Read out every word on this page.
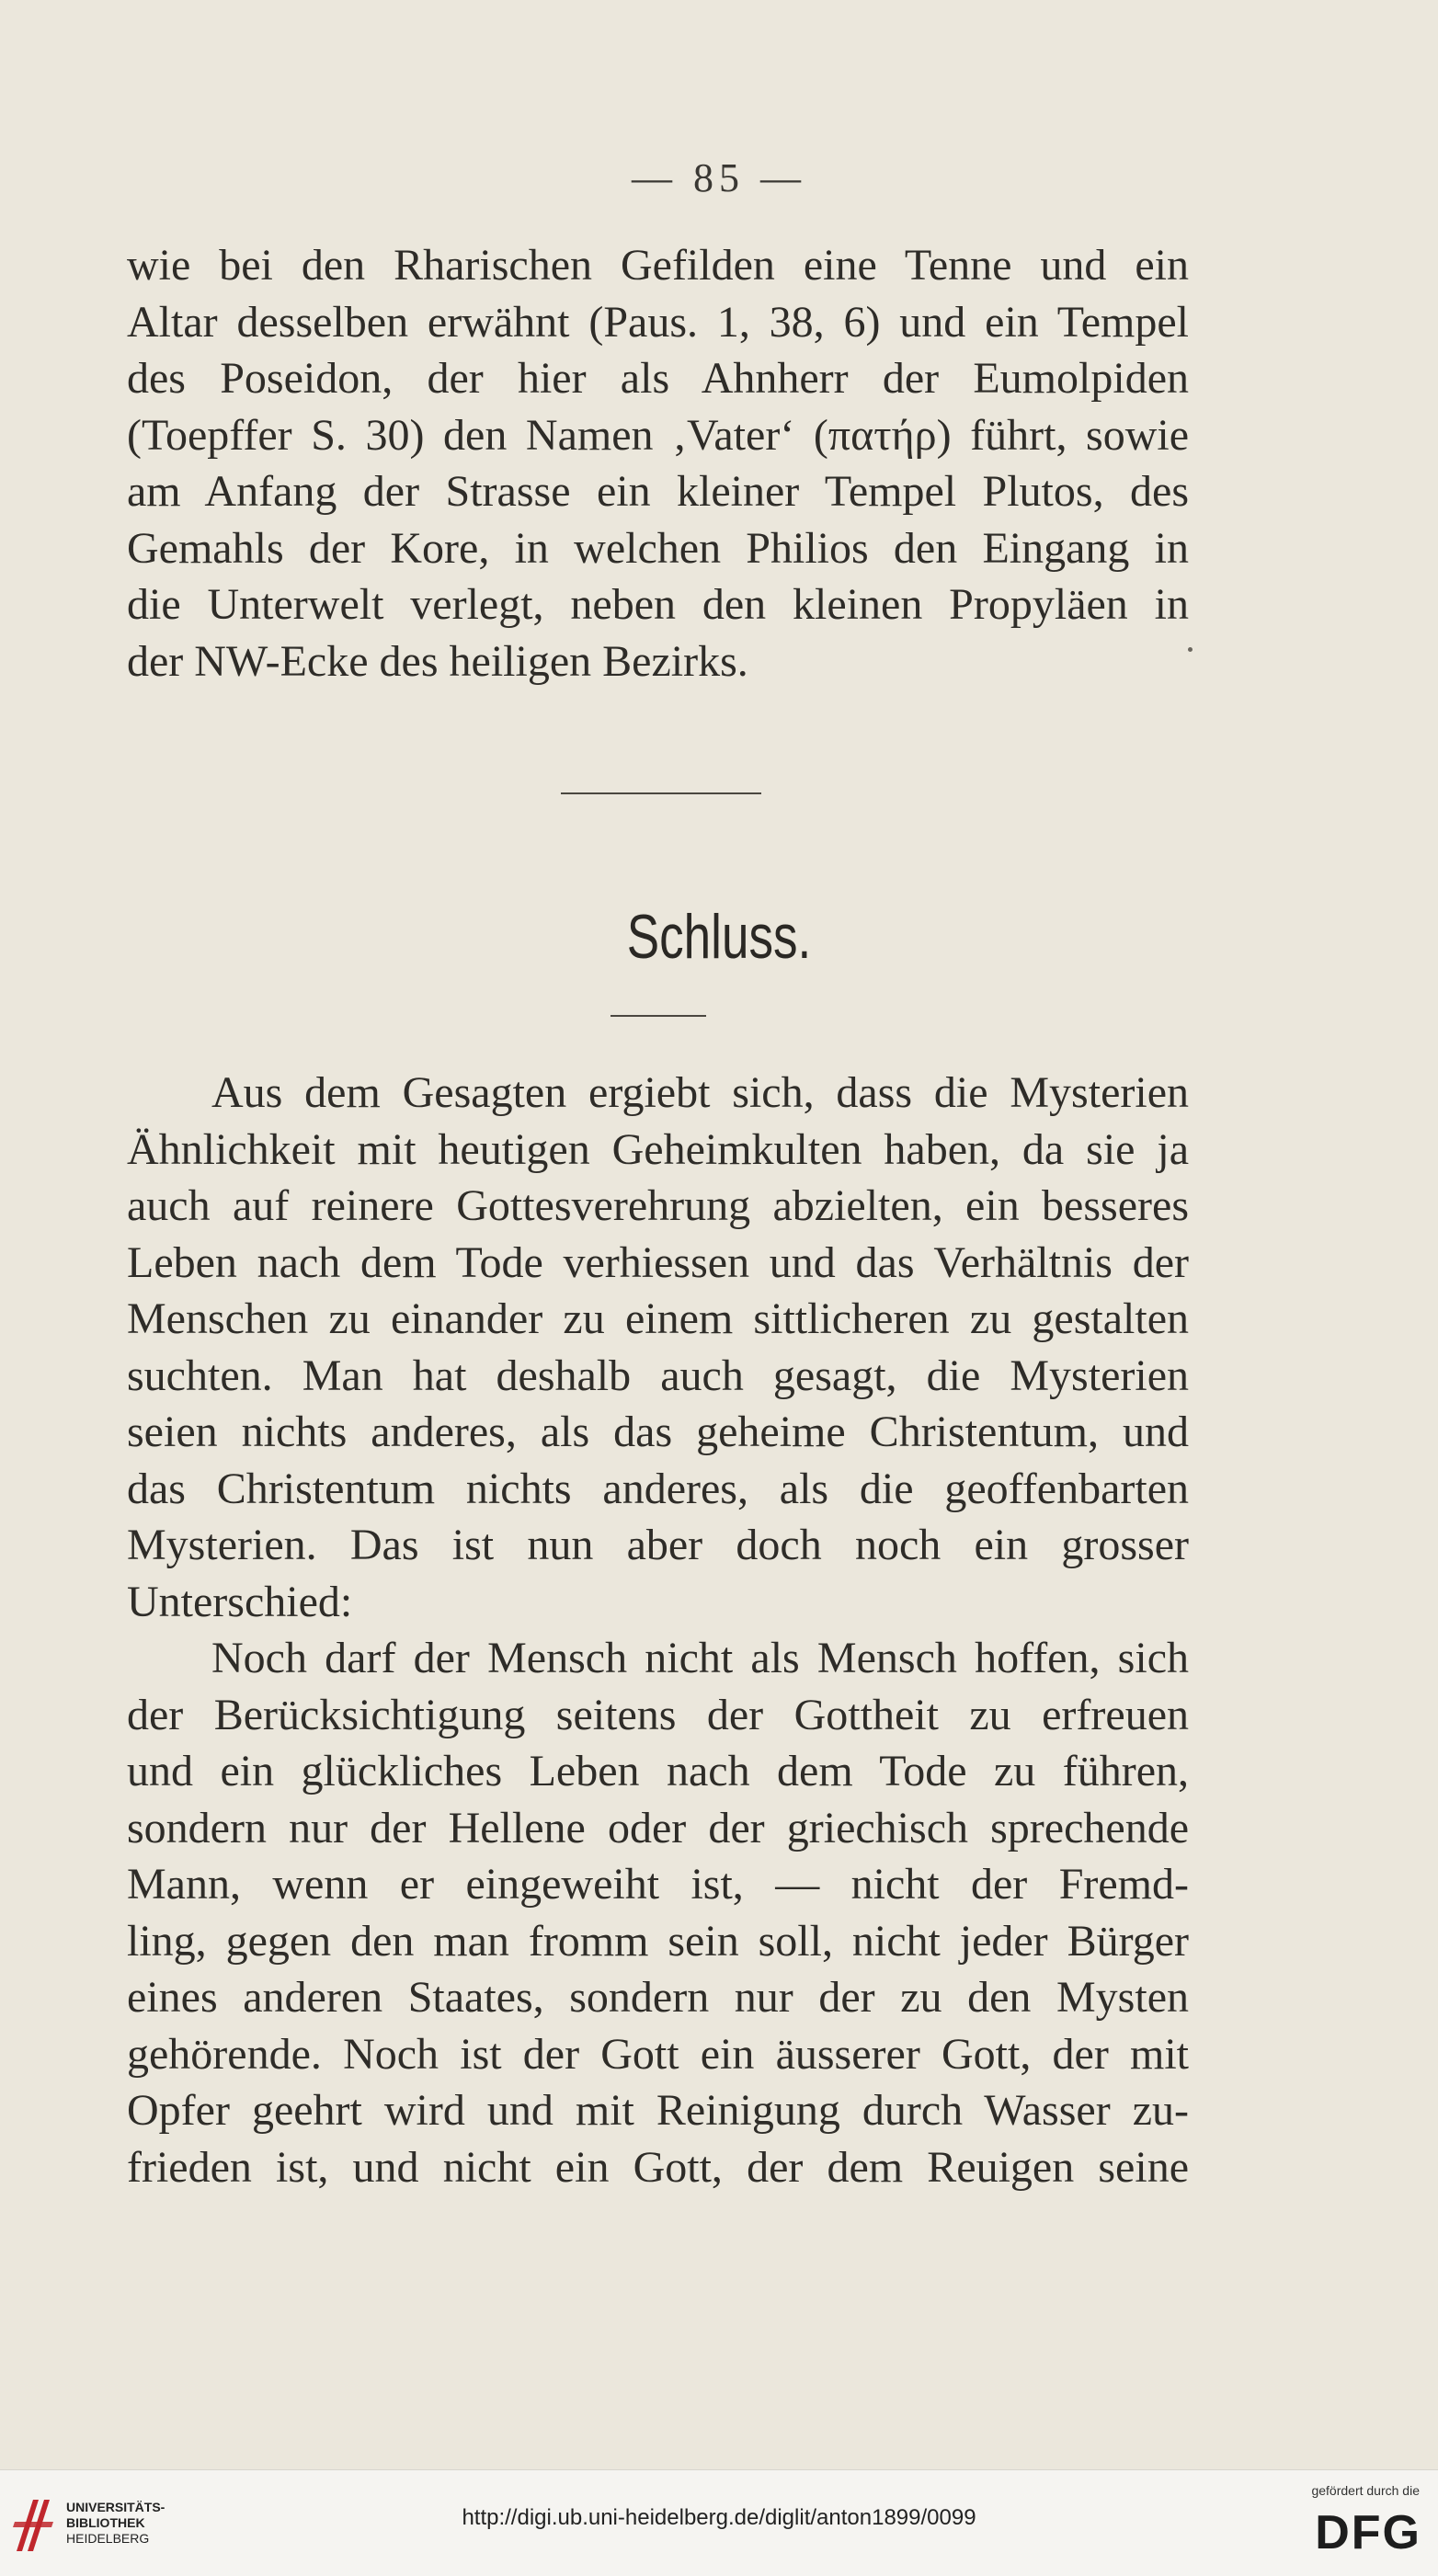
— 85 —
wie bei den Rharischen Gefilden eine Tenne und ein
Altar desselben erwähnt (Paus. 1, 38, 6) und ein Tempel
des Poseidon, der hier als Ahnherr der Eumolpiden
(Toepffer S. 30) den Namen ‚Vater‘ (πατήρ) führt, sowie
am Anfang der Strasse ein kleiner Tempel Plutos, des
Gemahls der Kore, in welchen Philios den Eingang in
die Unterwelt verlegt, neben den kleinen Propyläen in
der NW-Ecke des heiligen Bezirks.
Schluss.
Aus dem Gesagten ergiebt sich, dass die Mysterien
Ähnlichkeit mit heutigen Geheimkulten haben, da sie ja
auch auf reinere Gottesverehrung abzielten, ein besseres
Leben nach dem Tode verhiessen und das Verhältnis der
Menschen zu einander zu einem sittlicheren zu gestalten
suchten. Man hat deshalb auch gesagt, die Mysterien
seien nichts anderes, als das geheime Christentum, und
das Christentum nichts anderes, als die geoffenbarten
Mysterien. Das ist nun aber doch noch ein grosser
Unterschied:
Noch darf der Mensch nicht als Mensch hoffen, sich
der Berücksichtigung seitens der Gottheit zu erfreuen
und ein glückliches Leben nach dem Tode zu führen,
sondern nur der Hellene oder der griechisch sprechende
Mann, wenn er eingeweiht ist, — nicht der Fremd-
ling, gegen den man fromm sein soll, nicht jeder Bürger
eines anderen Staates, sondern nur der zu den Mysten
gehörende. Noch ist der Gott ein äusserer Gott, der mit
Opfer geehrt wird und mit Reinigung durch Wasser zu-
frieden ist, und nicht ein Gott, der dem Reuigen seine
UNIVERSITÄTS-
BIBLIOTHEK
HEIDELBERG
http://digi.ub.uni-heidelberg.de/diglit/anton1899/0099
gefördert durch die
DFG
